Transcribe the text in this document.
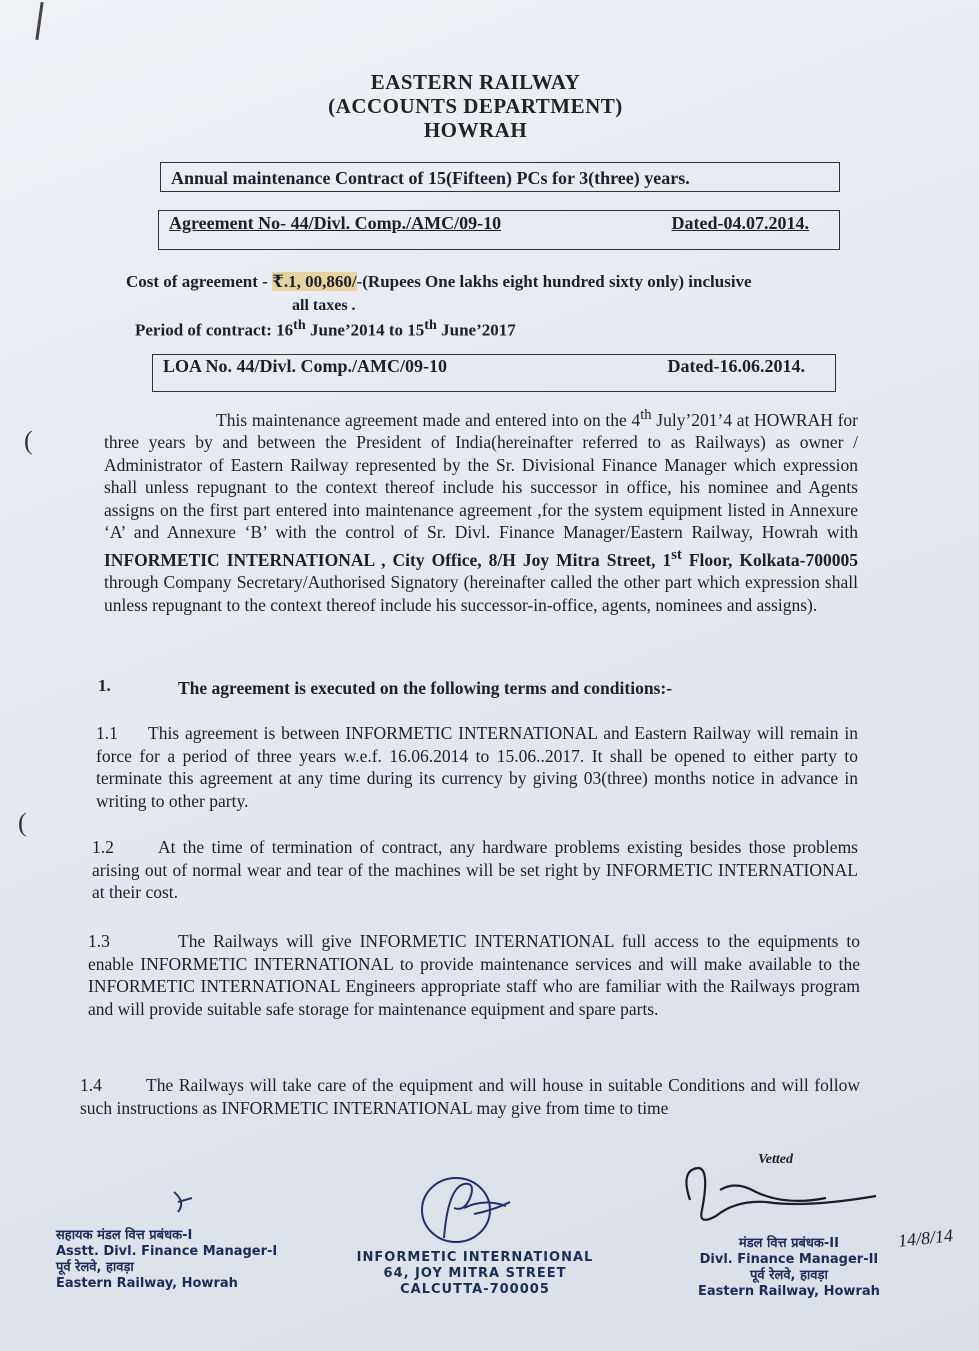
EASTERN RAILWAY
(ACCOUNTS DEPARTMENT)
HOWRAH
Annual maintenance Contract of 15(Fifteen) PCs for 3(three) years.
Agreement No- 44/Divl. Comp./AMC/09-10	Dated-04.07.2014.
Cost of agreement - ₹.1, 00,860/-(Rupees One lakhs eight hundred sixty only) inclusive
all taxes .
Period of contract: 16th June’2014 to 15th June’2017
LOA No. 44/Divl. Comp./AMC/09-10	Dated-16.06.2014.
(
(
This maintenance agreement made and entered into on the 4th July’201’4 at HOWRAH for three years by and between the President of India(hereinafter referred to as Railways) as owner / Administrator of Eastern Railway represented by the Sr. Divisional Finance Manager which expression shall unless repugnant to the context thereof include his successor in office, his nominee and Agents assigns on the first part entered into maintenance agreement ,for the system equipment listed in Annexure ‘A’ and Annexure ‘B’ with the control of Sr. Divl. Finance Manager/Eastern Railway, Howrah with INFORMETIC INTERNATIONAL , City Office, 8/H Joy Mitra Street, 1st Floor, Kolkata-700005 through Company Secretary/Authorised Signatory (hereinafter called the other part which expression shall unless repugnant to the context thereof include his successor-in-office, agents, nominees and assigns).
1.	The agreement is executed on the following terms and conditions:-
1.1 This agreement is between INFORMETIC INTERNATIONAL and Eastern Railway will remain in force for a period of three years w.e.f. 16.06.2014 to 15.06..2017. It shall be opened to either party to terminate this agreement at any time during its currency by giving 03(three) months notice in advance in writing to other party.
1.2	At the time of termination of contract, any hardware problems existing besides those problems arising out of normal wear and tear of the machines will be set right by INFORMETIC INTERNATIONAL at their cost.
1.3	The Railways will give INFORMETIC INTERNATIONAL full access to the equipments to enable INFORMETIC INTERNATIONAL to provide maintenance services and will make available to the INFORMETIC INTERNATIONAL Engineers appropriate staff who are familiar with the Railways program and will provide suitable safe storage for maintenance equipment and spare parts.
1.4	The Railways will take care of the equipment and will house in suitable Conditions and will follow such instructions as INFORMETIC INTERNATIONAL may give from time to time
Vetted
14/8/14
सहायक मंडल वित्त प्रबंधक-I
Asstt. Divl. Finance Manager-I
पूर्व रेलवे, हावड़ा
Eastern Railway, Howrah
INFORMETIC INTERNATIONAL
64, JOY MITRA STREET
CALCUTTA-700005
मंडल वित्त प्रबंधक-II
Divl. Finance Manager-II
पूर्व रेलवे, हावड़ा
Eastern Railway, Howrah
